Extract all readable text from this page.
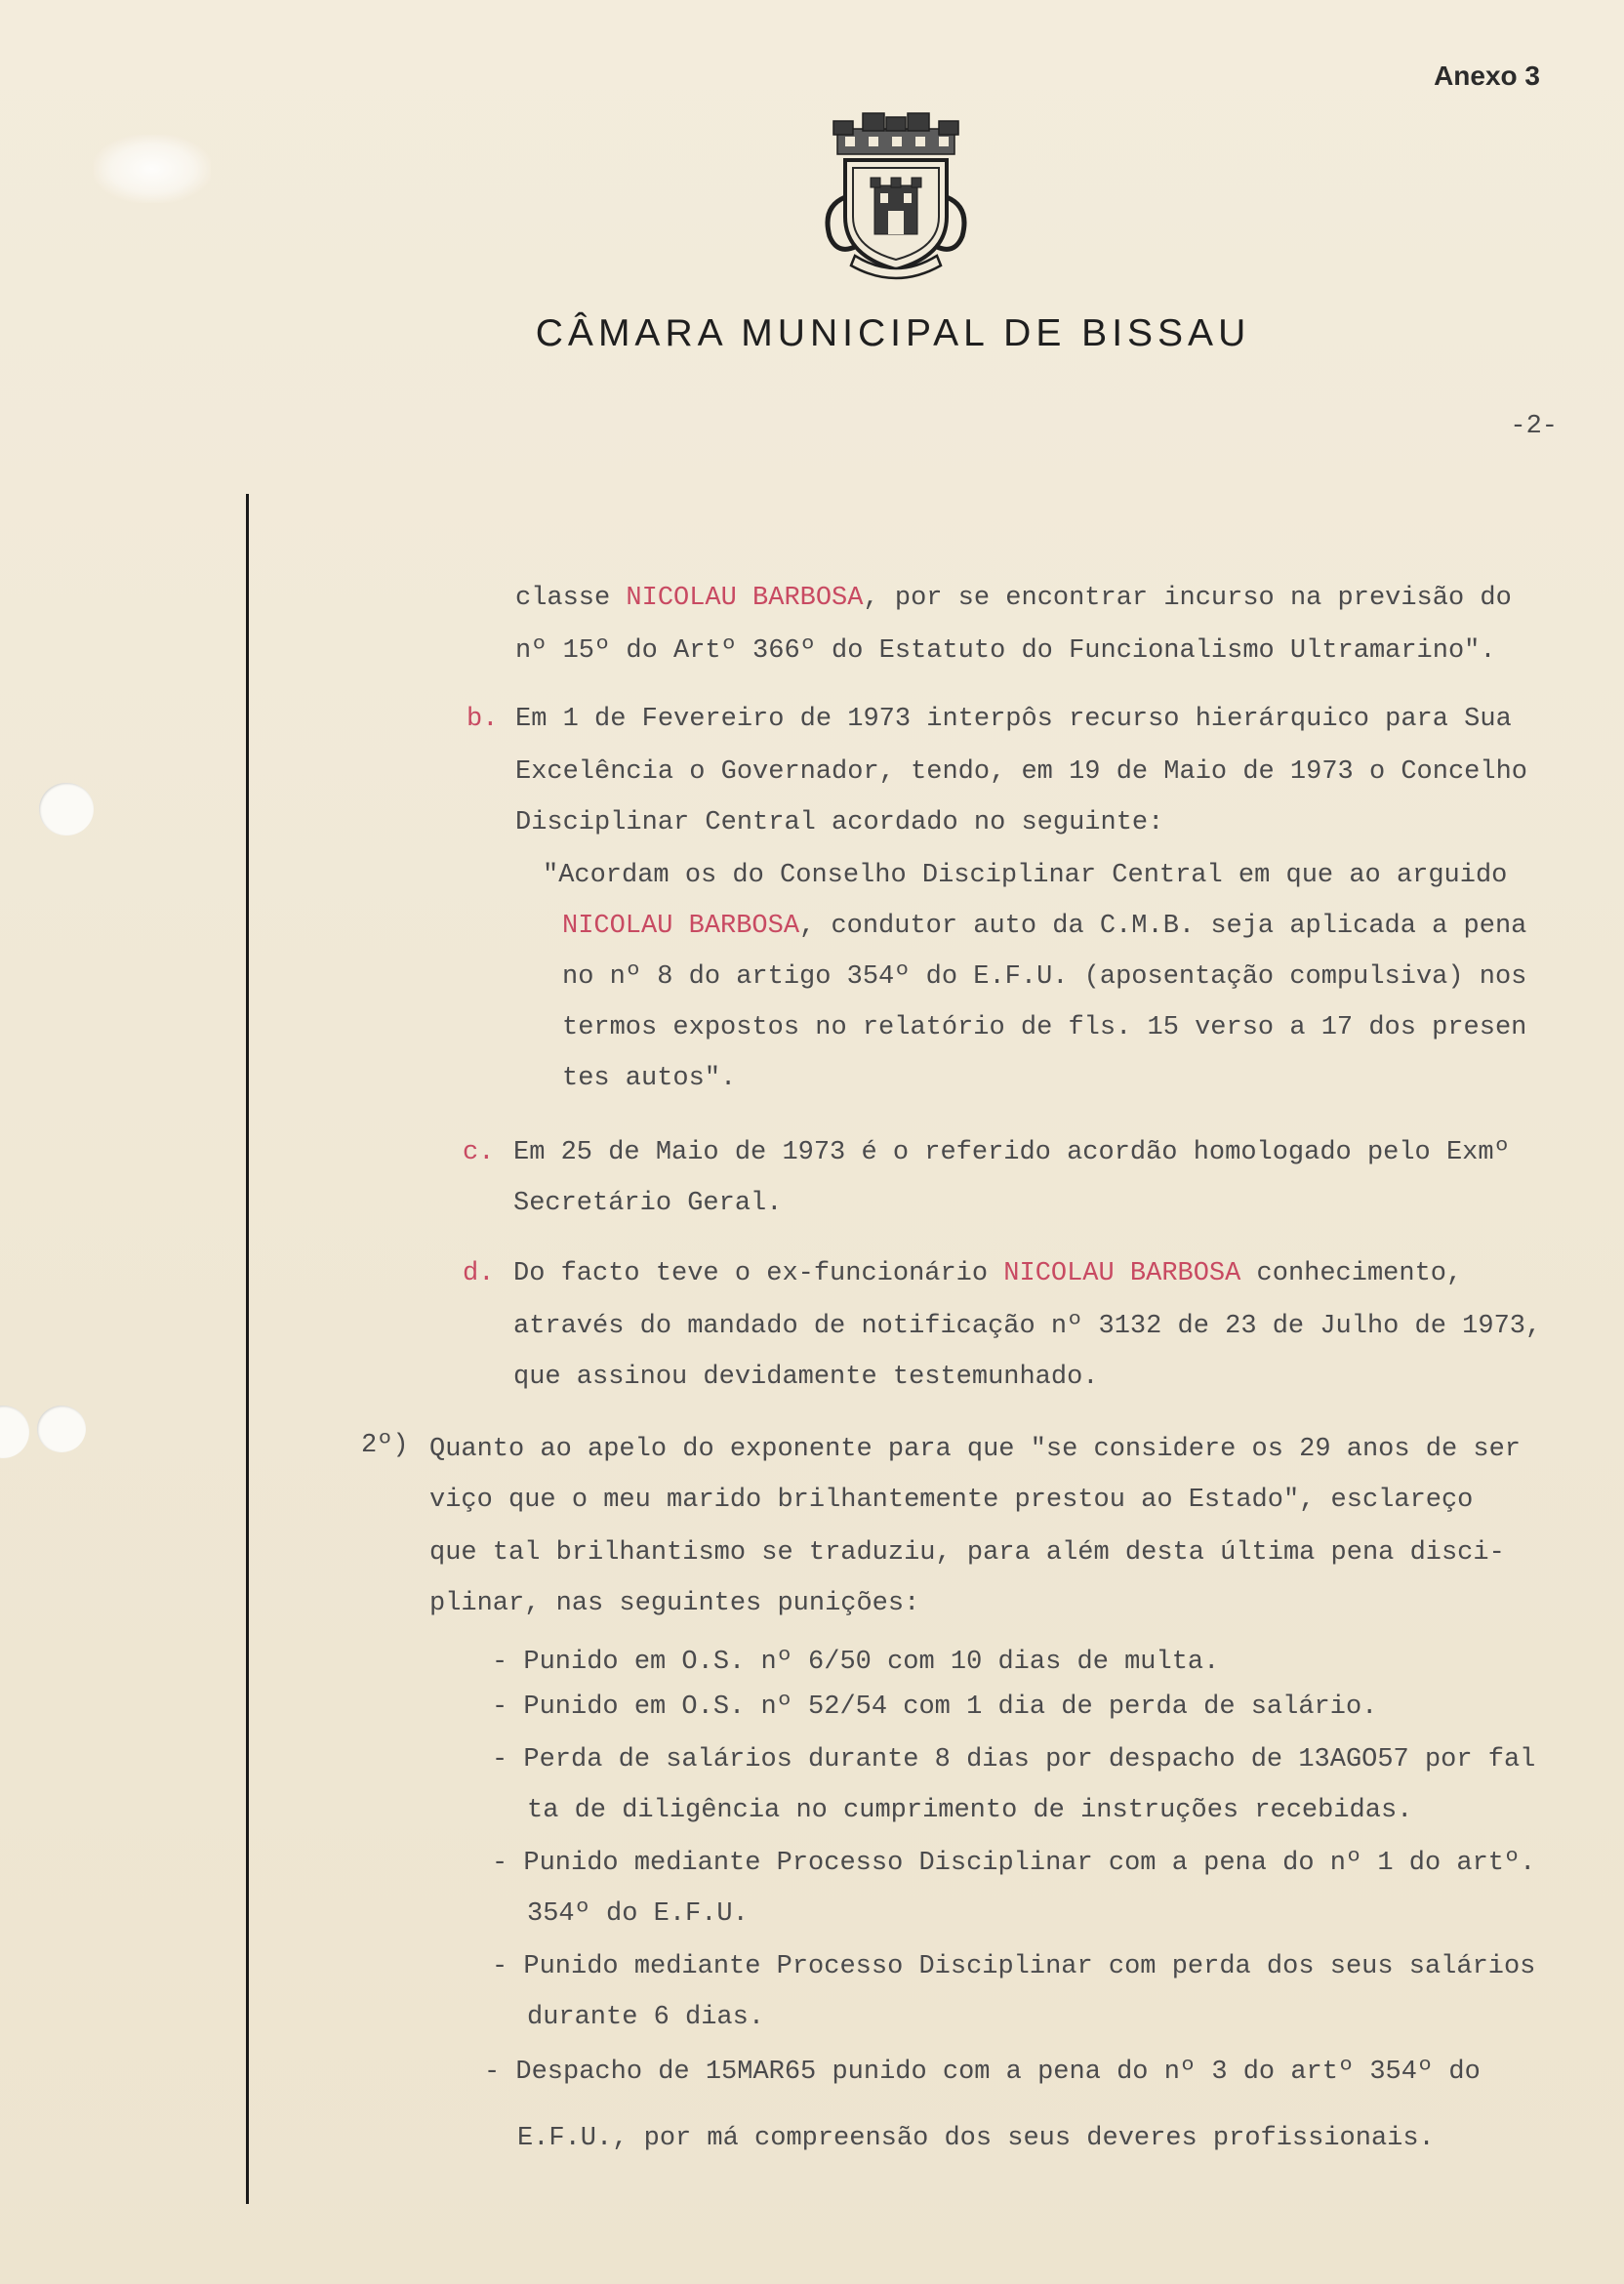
Anexo 3
CÂMARA MUNICIPAL DE BISSAU
-2-
classe NICOLAU BARBOSA, por se encontrar incurso na previsão do
nº 15º do Artº 366º do Estatuto do Funcionalismo Ultramarino".
b. Em 1 de Fevereiro de 1973 interpôs recurso hierárquico para Sua
Excelência o Governador, tendo, em 19 de Maio de 1973 o Concelho
Disciplinar Central acordado no seguinte:
"Acordam os do Conselho Disciplinar Central em que ao arguido
NICOLAU BARBOSA, condutor auto da C.M.B. seja aplicada a pena
no nº 8 do artigo 354º do E.F.U. (aposentação compulsiva) nos
termos expostos no relatório de fls. 15 verso a 17 dos presen
tes autos".
c. Em 25 de Maio de 1973 é o referido acordão homologado pelo Exmº
Secretário Geral.
d. Do facto teve o ex-funcionário NICOLAU BARBOSA conhecimento,
através do mandado de notificação nº 3132 de 23 de Julho de 1973,
que assinou devidamente testemunhado.
2º) Quanto ao apelo do exponente para que "se considere os 29 anos de ser
viço que o meu marido brilhantemente prestou ao Estado", esclareço
que tal brilhantismo se traduziu, para além desta última pena disci-
plinar, nas seguintes punições:
- Punido em O.S. nº 6/50 com 10 dias de multa.
- Punido em O.S. nº 52/54 com 1 dia de perda de salário.
- Perda de salários durante 8 dias por despacho de 13AGO57 por fal
ta de diligência no cumprimento de instruções recebidas.
- Punido mediante Processo Disciplinar com a pena do nº 1 do artº.
354º do E.F.U.
- Punido mediante Processo Disciplinar com perda dos seus salários
durante 6 dias.
- Despacho de 15MAR65 punido com a pena do nº 3 do artº 354º do
E.F.U., por má compreensão dos seus deveres profissionais.
